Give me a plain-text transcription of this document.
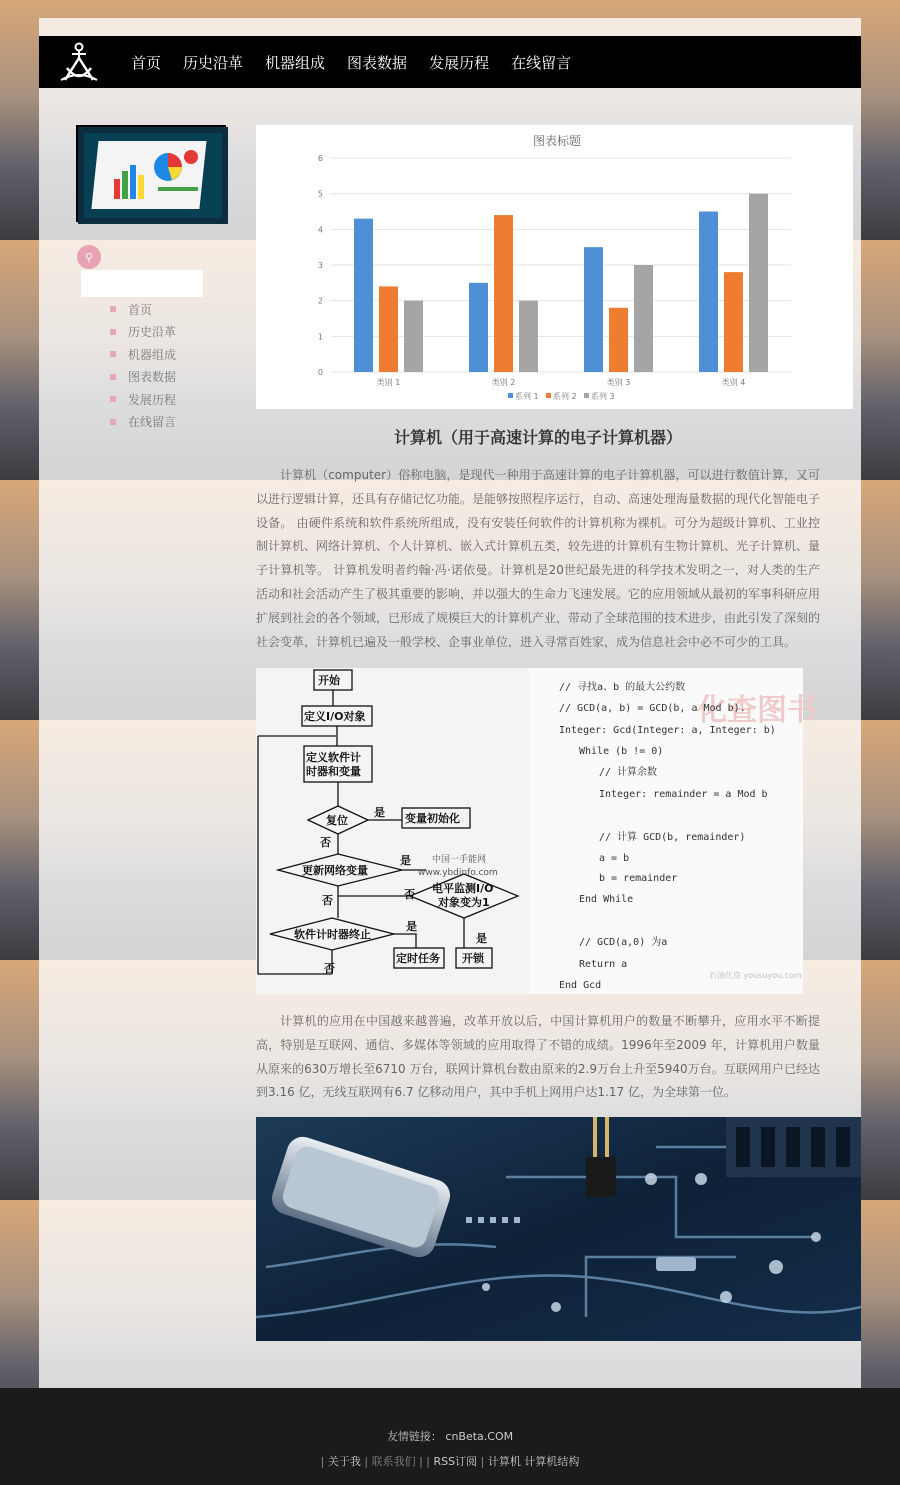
首页 历史沿革 机器组成 图表数据 发展历程 在线留言
⚲
首页
历史沿革
机器组成
图表数据
发展历程
在线留言
图表标题
0
1
2
3
4
5
6
类别 1	类别 2	类别 3	类别 4
系列 1 系列 2 系列 3
计算机（用于高速计算的电子计算机器）

计算机（computer）俗称电脑，是现代一种用于高速计算的电子计算机器，可以进行数值计算，又可以进行逻辑计算，还具有存储记忆功能。是能够按照程序运行，自动、高速处理海量数据的现代化智能电子设备。 由硬件系统和软件系统所组成，没有安装任何软件的计算机称为裸机。可分为超级计算机、工业控制计算机、网络计算机、个人计算机、嵌入式计算机五类，较先进的计算机有生物计算机、光子计算机、量子计算机等。 计算机发明者约翰·冯·诺依曼。计算机是20世纪最先进的科学技术发明之一，对人类的生产活动和社会活动产生了极其重要的影响，并以强大的生命力飞速发展。它的应用领域从最初的军事科研应用扩展到社会的各个领域，已形成了规模巨大的计算机产业，带动了全球范围的技术进步，由此引发了深刻的社会变革，计算机已遍及一般学校、企事业单位，进入寻常百姓家，成为信息社会中必不可少的工具。

开始
定义I/O对象
定义软件计
时器和变量
复位
是 变量初始化
否
更新网络变量
是 中国一手能网
www.ybdinfo.com
否 电平监测I/O
对象变为1
否
软件计时器终止
是
是
定时任务 开锁
否
化查图书
// 寻找a、b 的最大公约数
// GCD(a, b) = GCD(b, a Mod b).
Integer: Gcd(Integer: a, Integer: b)
While (b != 0)
// 计算余数
Integer: remainder = a Mod b
// 计算 GCD(b, remainder)
a = b
b = remainder
End While
// GCD(a,0) 为a
Return a
End Gcd
石油化资 yousuyou.com

计算机的应用在中国越来越普遍，改革开放以后，中国计算机用户的数量不断攀升，应用水平不断提高，特别是互联网、通信、多媒体等领域的应用取得了不错的成绩。1996年至2009 年，计算机用户数量从原来的630万增长至6710 万台，联网计算机台数由原来的2.9万台上升至5940万台。互联网用户已经达到3.16 亿，无线互联网有6.7 亿移动用户，其中手机上网用户达1.17 亿，为全球第一位。

友情链接： cnBeta.COM
| 关于我 | 联系我们 | | RSS订阅 | 计算机 计算机结构
